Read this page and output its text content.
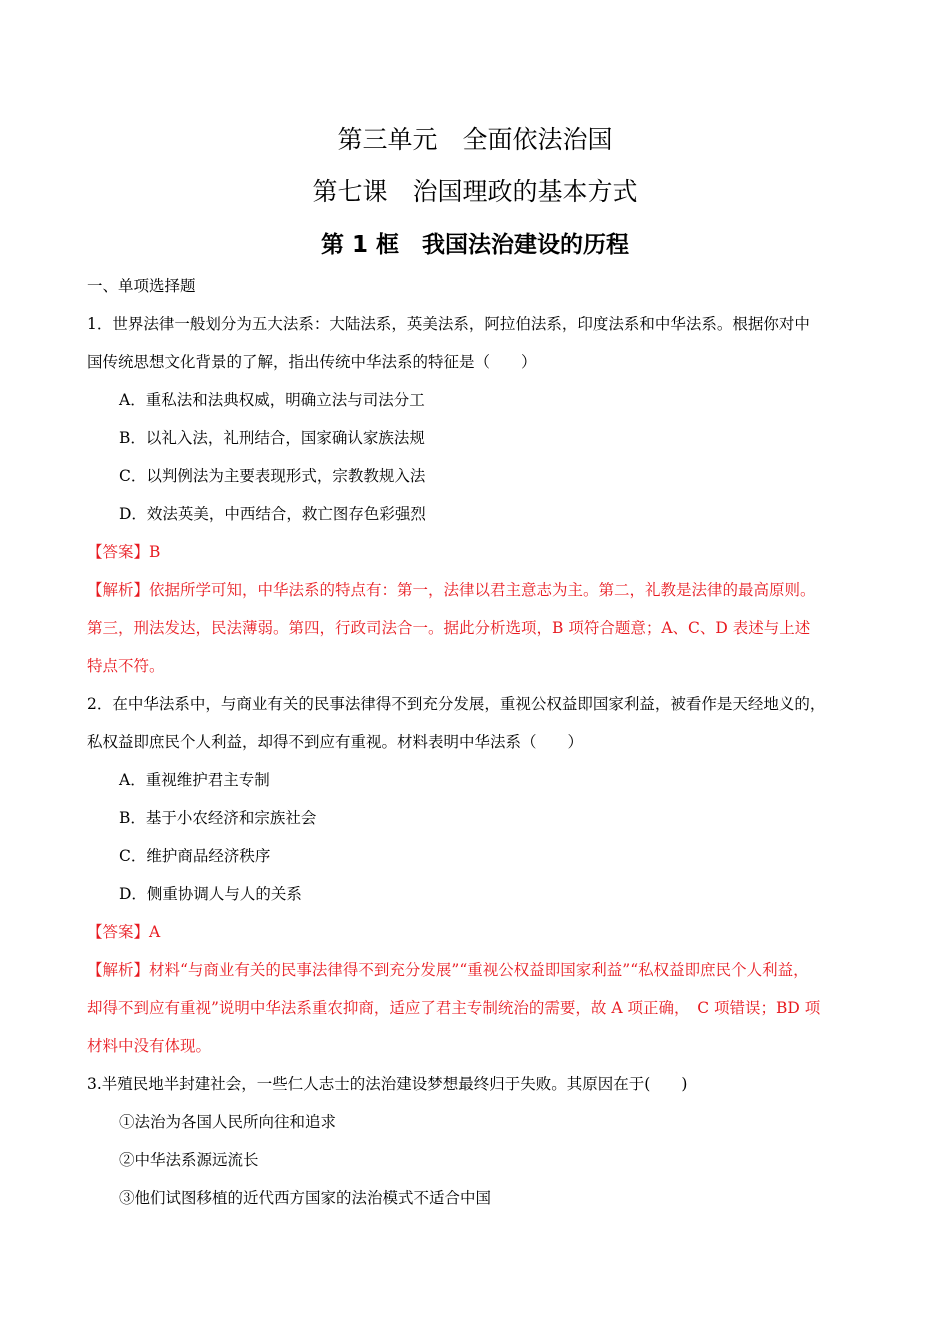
第三单元　全面依法治国
第七课　治国理政的基本方式
第 1 框　我国法治建设的历程
一、单项选择题
1．世界法律一般划分为五大法系：大陆法系，英美法系，阿拉伯法系，印度法系和中华法系。根据你对中
国传统思想文化背景的了解，指出传统中华法系的特征是（　　）
A．重私法和法典权威，明确立法与司法分工
B．以礼入法，礼刑结合，国家确认家族法规
C．以判例法为主要表现形式，宗教教规入法
D．效法英美，中西结合，救亡图存色彩强烈
【答案】B
【解析】依据所学可知，中华法系的特点有：第一，法律以君主意志为主。第二，礼教是法律的最高原则。
第三，刑法发达，民法薄弱。第四，行政司法合一。据此分析选项，B 项符合题意；A、C、D 表述与上述
特点不符。
2．在中华法系中，与商业有关的民事法律得不到充分发展，重视公权益即国家利益，被看作是天经地义的，
私权益即庶民个人利益，却得不到应有重视。材料表明中华法系（　　）
A．重视维护君主专制
B．基于小农经济和宗族社会
C．维护商品经济秩序
D．侧重协调人与人的关系
【答案】A
【解析】材料“与商业有关的民事法律得不到充分发展”“重视公权益即国家利益”“私权益即庶民个人利益，
却得不到应有重视”说明中华法系重农抑商，适应了君主专制统治的需要，故 A 项正确，　C 项错误；BD 项
材料中没有体现。
3.半殖民地半封建社会，一些仁人志士的法治建设梦想最终归于失败。其原因在于(　　)
①法治为各国人民所向往和追求
②中华法系源远流长
③他们试图移植的近代西方国家的法治模式不适合中国
